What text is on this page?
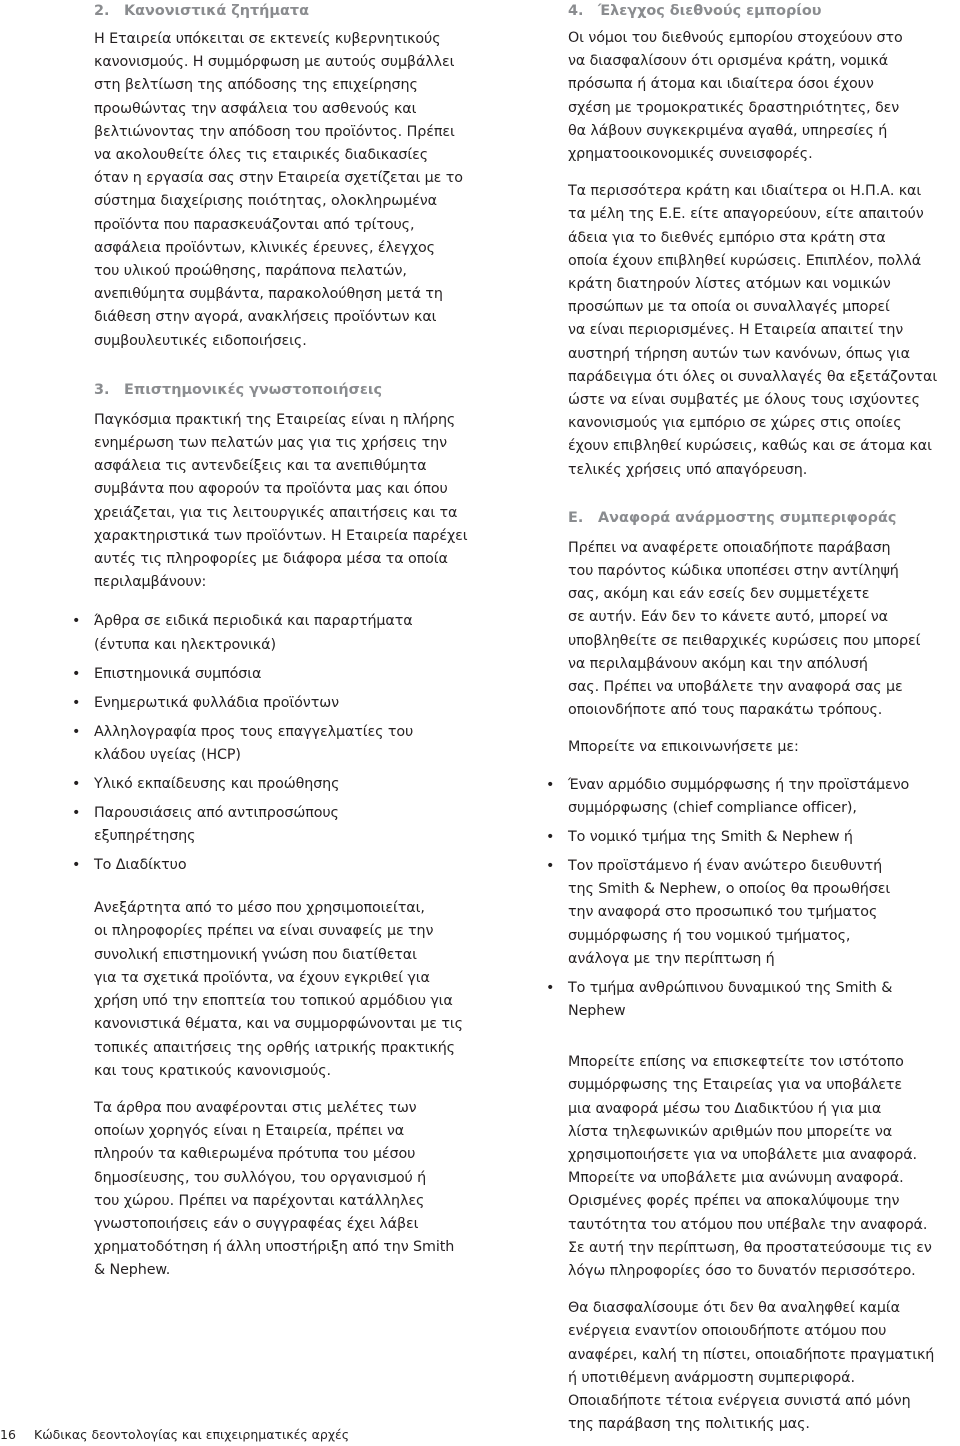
2. Κανονιστικά ζητήματα

Η Εταιρεία υπόκειται σε εκτενείς κυβερνητικούς
κανονισμούς. Η συμμόρφωση με αυτούς συμβάλλει
στη βελτίωση της απόδοσης της επιχείρησης
προωθώντας την ασφάλεια του ασθενούς και
βελτιώνοντας την απόδοση του προϊόντος. Πρέπει
να ακολουθείτε όλες τις εταιρικές διαδικασίες
όταν η εργασία σας στην Εταιρεία σχετίζεται με το
σύστημα διαχείρισης ποιότητας, ολοκληρωμένα
προϊόντα που παρασκευάζονται από τρίτους,
ασφάλεια προϊόντων, κλινικές έρευνες, έλεγχος
του υλικού προώθησης, παράπονα πελατών,
ανεπιθύμητα συμβάντα, παρακολούθηση μετά τη
διάθεση στην αγορά, ανακλήσεις προϊόντων και
συμβουλευτικές ειδοποιήσεις.

3. Επιστημονικές γνωστοποιήσεις

Παγκόσμια πρακτική της Εταιρείας είναι η πλήρης
ενημέρωση των πελατών μας για τις χρήσεις την
ασφάλεια τις αντενδείξεις και τα ανεπιθύμητα
συμβάντα που αφορούν τα προϊόντα μας και όπου
χρειάζεται, για τις λειτουργικές απαιτήσεις και τα
χαρακτηριστικά των προϊόντων. Η Εταιρεία παρέχει
αυτές τις πληροφορίες με διάφορα μέσα τα οποία
περιλαμβάνουν:

• Άρθρα σε ειδικά περιοδικά και παραρτήματα
(έντυπα και ηλεκτρονικά)
• Επιστημονικά συμπόσια
• Ενημερωτικά φυλλάδια προϊόντων
• Αλληλογραφία προς τους επαγγελματίες του
κλάδου υγείας (HCP)
• Υλικό εκπαίδευσης και προώθησης
• Παρουσιάσεις από αντιπροσώπους
εξυπηρέτησης
• Το Διαδίκτυο

Ανεξάρτητα από το μέσο που χρησιμοποιείται,
οι πληροφορίες πρέπει να είναι συναφείς με την
συνολική επιστημονική γνώση που διατίθεται
για τα σχετικά προϊόντα, να έχουν εγκριθεί για
χρήση υπό την εποπτεία του τοπικού αρμόδιου για
κανονιστικά θέματα, και να συμμορφώνονται με τις
τοπικές απαιτήσεις της ορθής ιατρικής πρακτικής
και τους κρατικούς κανονισμούς.

Τα άρθρα που αναφέρονται στις μελέτες των
οποίων χορηγός είναι η Εταιρεία, πρέπει να
πληρούν τα καθιερωμένα πρότυπα του μέσου
δημοσίευσης, του συλλόγου, του οργανισμού ή
του χώρου. Πρέπει να παρέχονται κατάλληλες
γνωστοποιήσεις εάν ο συγγραφέας έχει λάβει
χρηματοδότηση ή άλλη υποστήριξη από την Smith
& Nephew.

4. Έλεγχος διεθνούς εμπορίου

Οι νόμοι του διεθνούς εμπορίου στοχεύουν στο
να διασφαλίσουν ότι ορισμένα κράτη, νομικά
πρόσωπα ή άτομα και ιδιαίτερα όσοι έχουν
σχέση με τρομοκρατικές δραστηριότητες, δεν
θα λάβουν συγκεκριμένα αγαθά, υπηρεσίες ή
χρηματοοικονομικές συνεισφορές.

Τα περισσότερα κράτη και ιδιαίτερα οι Η.Π.Α. και
τα μέλη της Ε.Ε. είτε απαγορεύουν, είτε απαιτούν
άδεια για το διεθνές εμπόριο στα κράτη στα
οποία έχουν επιβληθεί κυρώσεις. Επιπλέον, πολλά
κράτη διατηρούν λίστες ατόμων και νομικών
προσώπων με τα οποία οι συναλλαγές μπορεί
να είναι περιορισμένες. Η Εταιρεία απαιτεί την
αυστηρή τήρηση αυτών των κανόνων, όπως για
παράδειγμα ότι όλες οι συναλλαγές θα εξετάζονται
ώστε να είναι συμβατές με όλους τους ισχύοντες
κανονισμούς για εμπόριο σε χώρες στις οποίες
έχουν επιβληθεί κυρώσεις, καθώς και σε άτομα και
τελικές χρήσεις υπό απαγόρευση.

E. Αναφορά ανάρμοστης συμπεριφοράς

Πρέπει να αναφέρετε οποιαδήποτε παράβαση
του παρόντος κώδικα υποπέσει στην αντίληψή
σας, ακόμη και εάν εσείς δεν συμμετέχετε
σε αυτήν. Εάν δεν το κάνετε αυτό, μπορεί να
υποβληθείτε σε πειθαρχικές κυρώσεις που μπορεί
να περιλαμβάνουν ακόμη και την απόλυσή
σας. Πρέπει να υποβάλετε την αναφορά σας με
οποιονδήποτε από τους παρακάτω τρόπους.

Μπορείτε να επικοινωνήσετε με:

• Έναν αρμόδιο συμμόρφωσης ή την προϊστάμενο
συμμόρφωσης (chief compliance officer),
• Το νομικό τμήμα της Smith & Nephew ή
• Τον προϊστάμενο ή έναν ανώτερο διευθυντή
της Smith & Nephew, ο οποίος θα προωθήσει
την αναφορά στο προσωπικό του τμήματος
συμμόρφωσης ή του νομικού τμήματος,
ανάλογα με την περίπτωση ή
• Το τμήμα ανθρώπινου δυναμικού της Smith &
Nephew

Μπορείτε επίσης να επισκεφτείτε τον ιστότοπο
συμμόρφωσης της Εταιρείας για να υποβάλετε
μια αναφορά μέσω του Διαδικτύου ή για μια
λίστα τηλεφωνικών αριθμών που μπορείτε να
χρησιμοποιήσετε για να υποβάλετε μια αναφορά.
Μπορείτε να υποβάλετε μια ανώνυμη αναφορά.
Ορισμένες φορές πρέπει να αποκαλύψουμε την
ταυτότητα του ατόμου που υπέβαλε την αναφορά.
Σε αυτή την περίπτωση, θα προστατεύσουμε τις εν
λόγω πληροφορίες όσο το δυνατόν περισσότερο.

Θα διασφαλίσουμε ότι δεν θα αναληφθεί καμία
ενέργεια εναντίον οποιουδήποτε ατόμου που
αναφέρει, καλή τη πίστει, οποιαδήποτε πραγματική
ή υποτιθέμενη ανάρμοστη συμπεριφορά.
Οποιαδήποτε τέτοια ενέργεια συνιστά από μόνη
της παράβαση της πολιτικής μας.

16 Κώδικας δεοντολογίας και επιχειρηματικές αρχές
